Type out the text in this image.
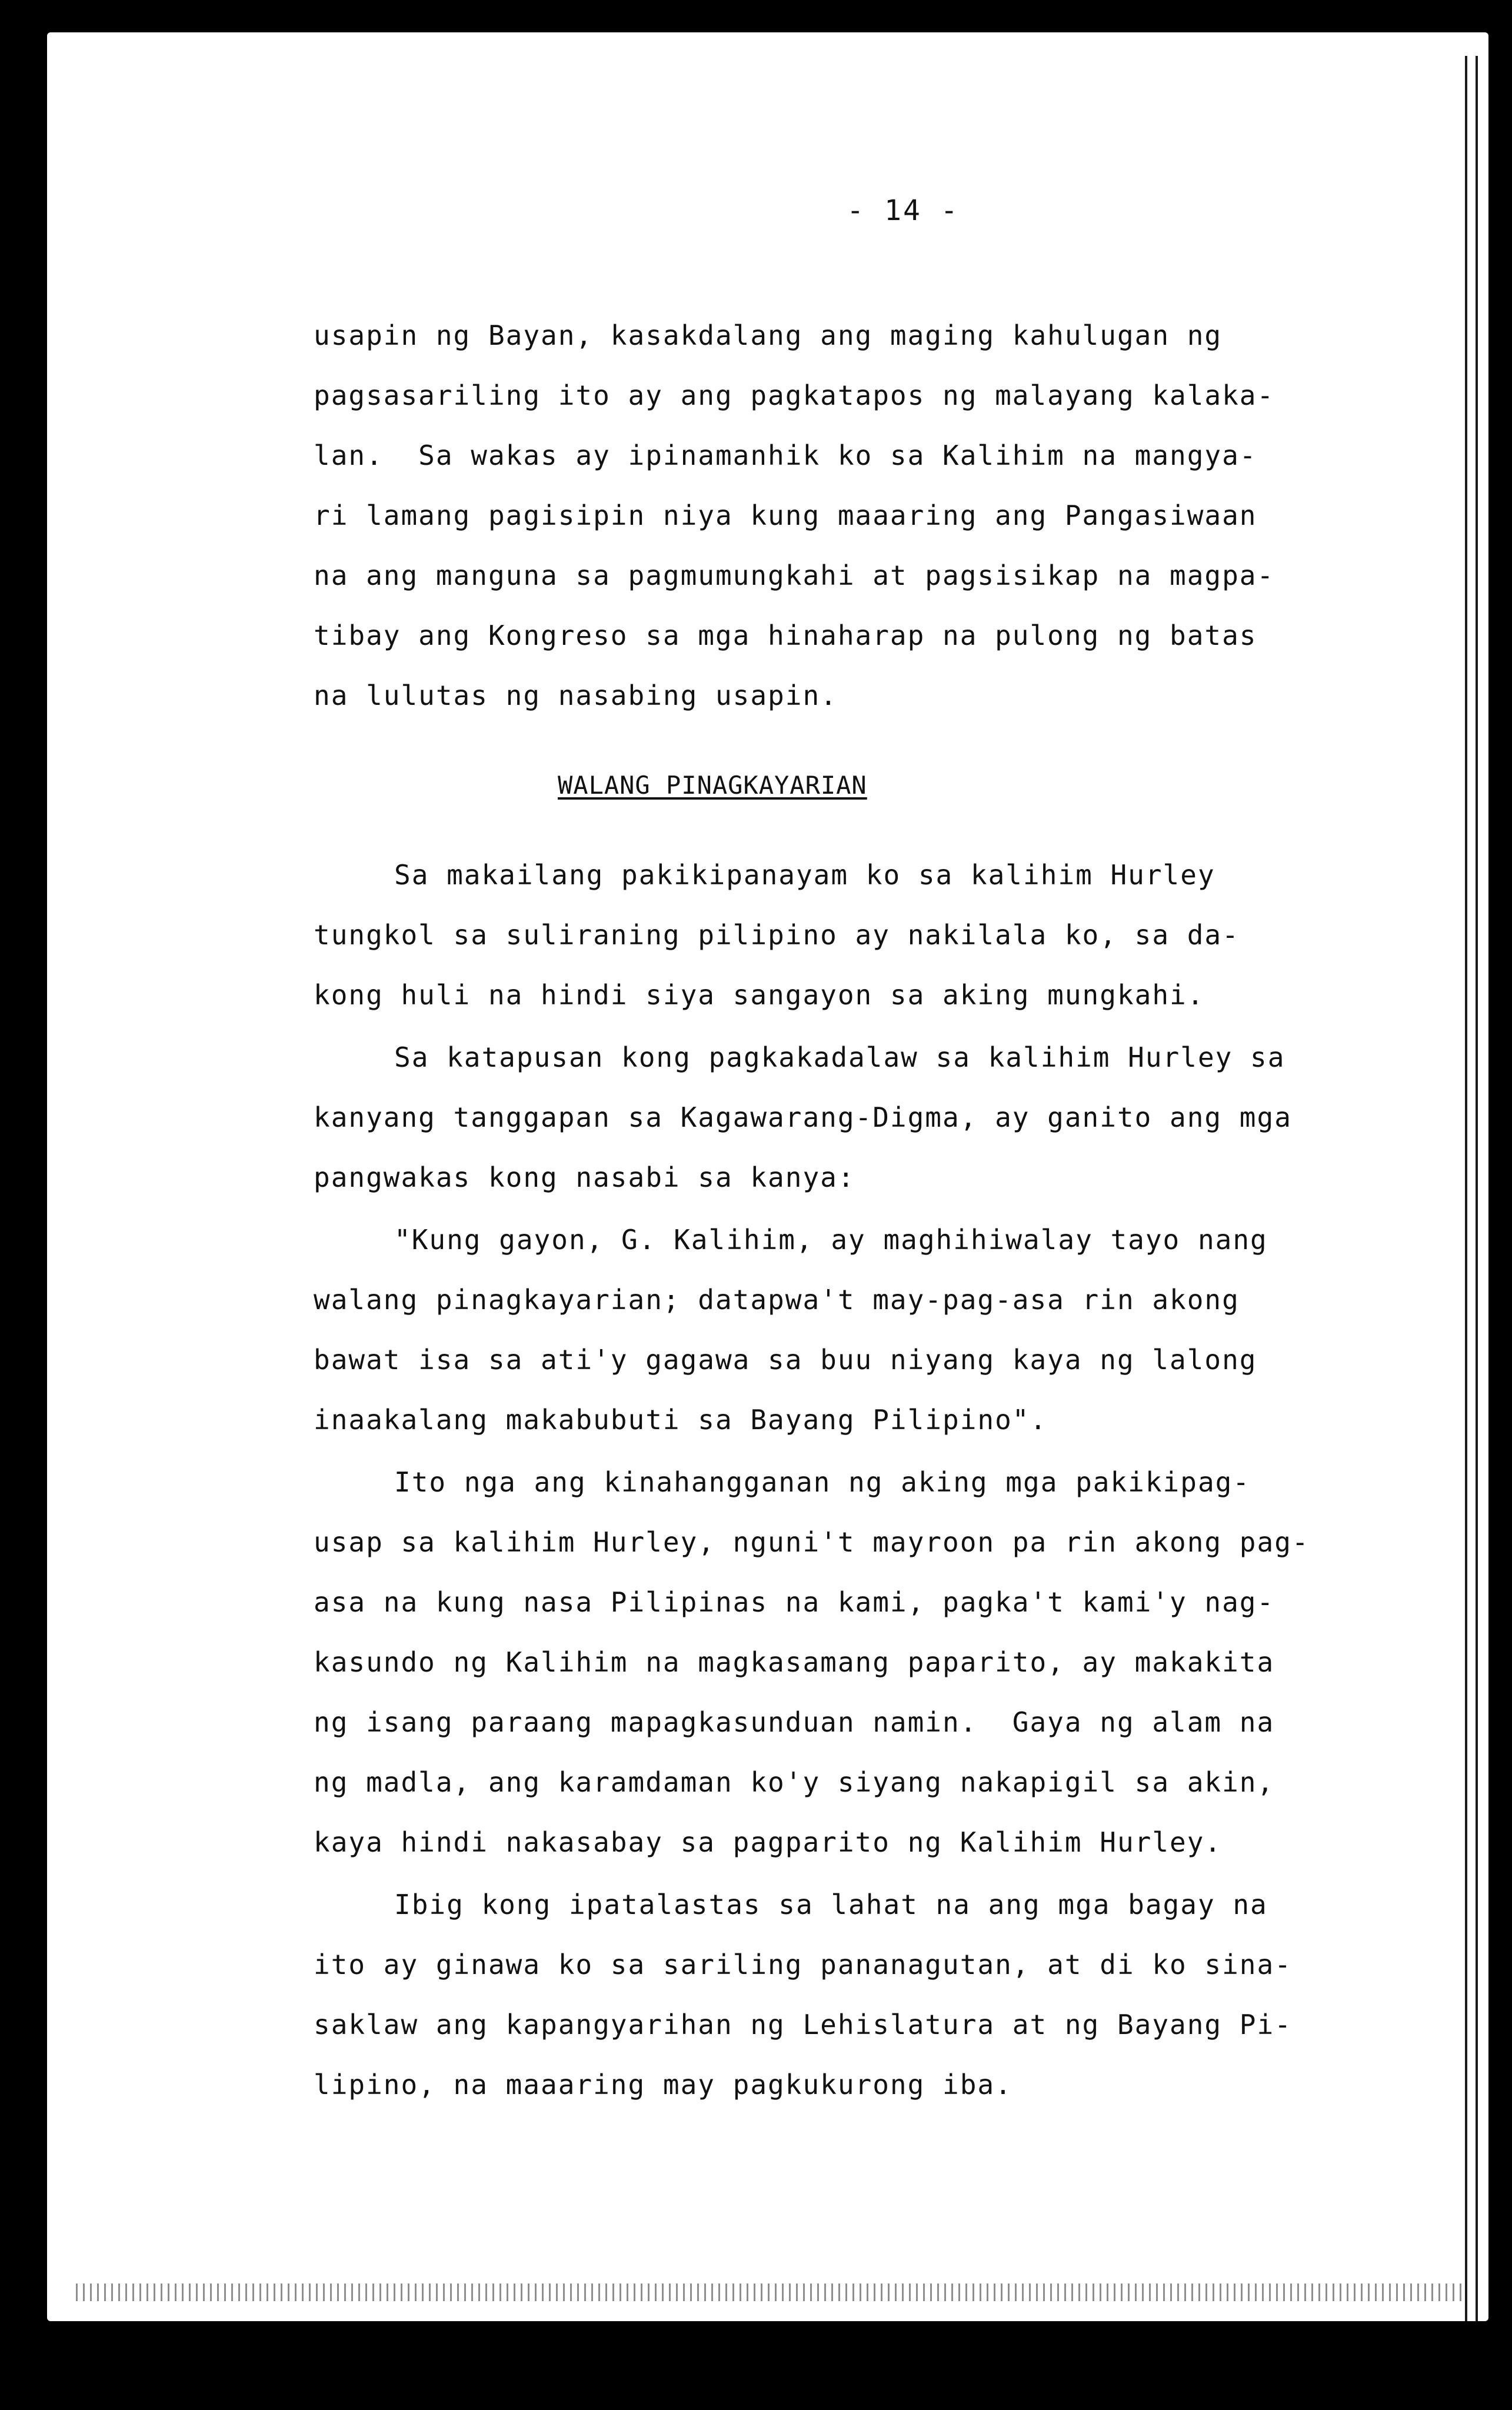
- 14 -
usapin ng Bayan, kasakdalang ang maging kahulugan ng
pagsasariling ito ay ang pagkatapos ng malayang kalaka-
lan.  Sa wakas ay ipinamanhik ko sa Kalihim na mangya-
ri lamang pagisipin niya kung maaaring ang Pangasiwaan
na ang manguna sa pagmumungkahi at pagsisikap na magpa-
tibay ang Kongreso sa mga hinaharap na pulong ng batas
na lulutas ng nasabing usapin.
WALANG PINAGKAYARIAN
Sa makailang pakikipanayam ko sa kalihim Hurley
tungkol sa suliraning pilipino ay nakilala ko, sa da-
kong huli na hindi siya sangayon sa aking mungkahi.
Sa katapusan kong pagkakadalaw sa kalihim Hurley sa
kanyang tanggapan sa Kagawarang-Digma, ay ganito ang mga
pangwakas kong nasabi sa kanya:
"Kung gayon, G. Kalihim, ay maghihiwalay tayo nang
walang pinagkayarian; datapwa't may-pag-asa rin akong
bawat isa sa ati'y gagawa sa buu niyang kaya ng lalong
inaakalang makabubuti sa Bayang Pilipino".
Ito nga ang kinahangganan ng aking mga pakikipag-
usap sa kalihim Hurley, nguni't mayroon pa rin akong pag-
asa na kung nasa Pilipinas na kami, pagka't kami'y nag-
kasundo ng Kalihim na magkasamang paparito, ay makakita
ng isang paraang mapagkasunduan namin.  Gaya ng alam na
ng madla, ang karamdaman ko'y siyang nakapigil sa akin,
kaya hindi nakasabay sa pagparito ng Kalihim Hurley.
Ibig kong ipatalastas sa lahat na ang mga bagay na
ito ay ginawa ko sa sariling pananagutan, at di ko sina-
saklaw ang kapangyarihan ng Lehislatura at ng Bayang Pi-
lipino, na maaaring may pagkukurong iba.
